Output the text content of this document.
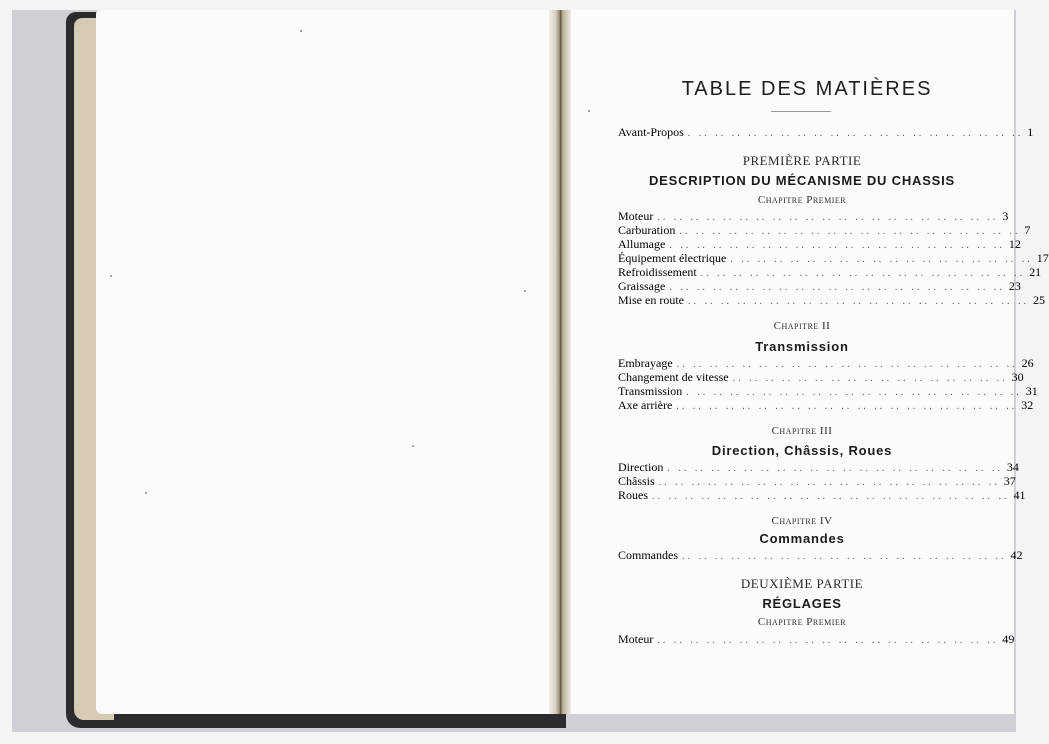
TABLE DES MATIÈRES
Avant-Propos . .. .. .. .. .. .. .. .. .. .. .. .. .. .. .. .. .. .. .. .. 1
PREMIÈRE PARTIE
DESCRIPTION DU MÉCANISME DU CHASSIS
Chapitre Premier
Moteur .. .. .. .. .. .. .. .. .. .. .. .. .. .. .. .. .. .. .. .. .. 3
Carburation .. .. .. .. .. .. .. .. .. .. .. .. .. .. .. .. .. .. .. .. .. 7
Allumage . .. .. .. .. .. .. .. .. .. .. .. .. .. .. .. .. .. .. .. .. 12
Équipement électrique . .. .. .. .. .. .. .. .. .. .. .. .. .. .. .. .. .. .. 17
Refroidissement .. .. .. .. .. .. .. .. .. .. .. .. .. .. .. .. .. .. .. .. 21
Graissage . .. .. .. .. .. .. .. .. .. .. .. .. .. .. .. .. .. .. .. .. 23
Mise en route .. .. .. .. .. .. .. .. .. .. .. .. .. .. .. .. .. .. .. .. .. 25
Chapitre II
Transmission
Embrayage .. .. .. .. .. .. .. .. .. .. .. .. .. .. .. .. .. .. .. .. .. 26
Changement de vitesse .. .. .. .. .. .. .. .. .. .. .. .. .. .. .. .. .. 30
Transmission . .. .. .. .. .. .. .. .. .. .. .. .. .. .. .. .. .. .. .. .. 31
Axe arrière .. .. .. .. .. .. .. .. .. .. .. .. .. .. .. .. .. .. .. .. .. 32
Chapitre III
Direction, Châssis, Roues
Direction . .. .. .. .. .. .. .. .. .. .. .. .. .. .. .. .. .. .. .. .. 34
Châssis .. .. .. .. .. .. .. .. .. .. .. .. .. .. .. .. .. .. .. .. .. 37
Roues .. .. .. .. .. .. .. .. .. .. .. .. .. .. .. .. .. .. .. .. .. .. 41
Chapitre IV
Commandes
Commandes .. .. .. .. .. .. .. .. .. .. .. .. .. .. .. .. .. .. .. .. 42
DEUXIÈME PARTIE
RÉGLAGES
Chapitre Premier
Moteur .. .. .. .. .. .. .. .. .. .. .. .. .. .. .. .. .. .. .. .. .. 49
